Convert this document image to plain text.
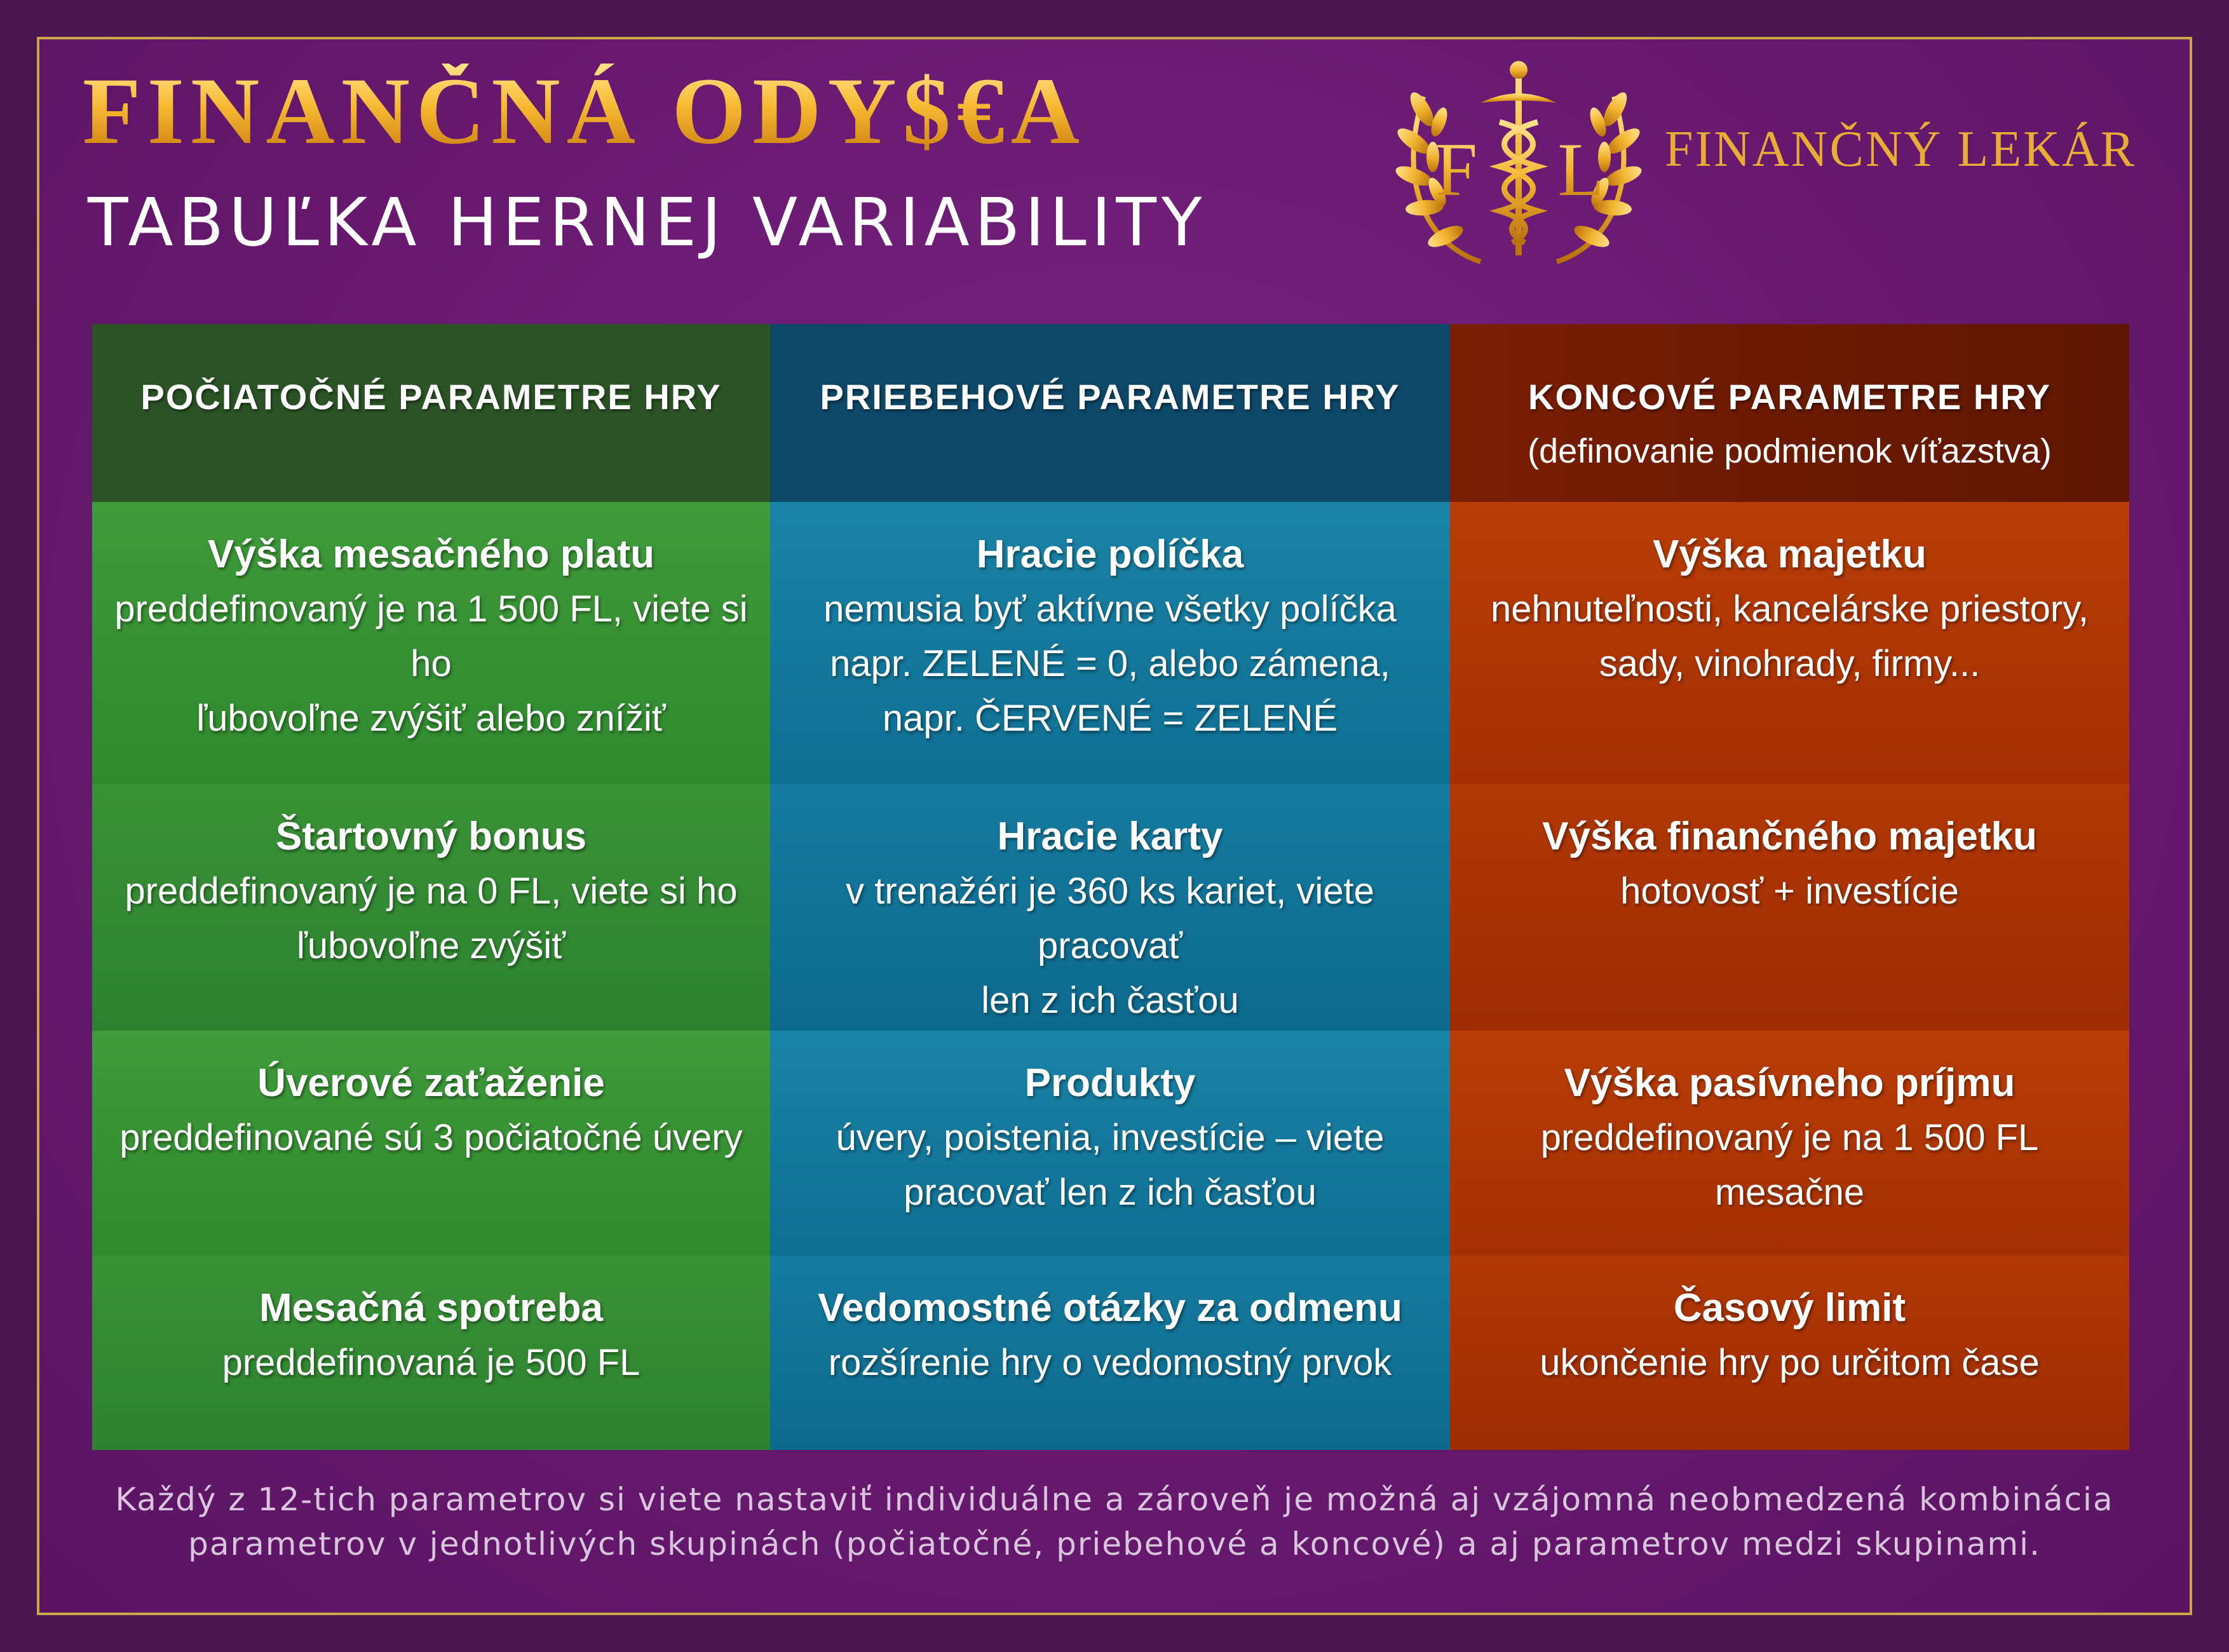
FINANČNÁ ODY$€A
TABUĽKA HERNEJ VARIABILITY
F L FINANČNÝ LEKÁR
POČIATOČNÉ PARAMETRE HRY	PRIEBEHOVÉ PARAMETRE HRY	KONCOVÉ PARAMETRE HRY
(definovanie podmienok víťazstva)
Výška mesačného platu
preddefinovaný je na 1 500 FL, viete si ho
ľubovoľne zvýšiť alebo znížiť
Hracie políčka
nemusia byť aktívne všetky políčka
napr. ZELENÉ = 0, alebo zámena,
napr. ČERVENÉ = ZELENÉ
Výška majetku
nehnuteľnosti, kancelárske priestory,
sady, vinohrady, firmy...
Štartovný bonus
preddefinovaný je na 0 FL, viete si ho
ľubovoľne zvýšiť
Hracie karty
v trenažéri je 360 ks kariet, viete pracovať
len z ich časťou
Výška finančného majetku
hotovosť + investície
Úverové zaťaženie
preddefinované sú 3 počiatočné úvery
Produkty
úvery, poistenia, investície – viete
pracovať len z ich časťou
Výška pasívneho príjmu
preddefinovaný je na 1 500 FL mesačne
Mesačná spotreba
preddefinovaná je 500 FL
Vedomostné otázky za odmenu
rozšírenie hry o vedomostný prvok
Časový limit
ukončenie hry po určitom čase
Každý z 12-tich parametrov si viete nastaviť individuálne a zároveň je možná aj vzájomná neobmedzená kombinácia
parametrov v jednotlivých skupinách (počiatočné, priebehové a koncové) a aj parametrov medzi skupinami.
